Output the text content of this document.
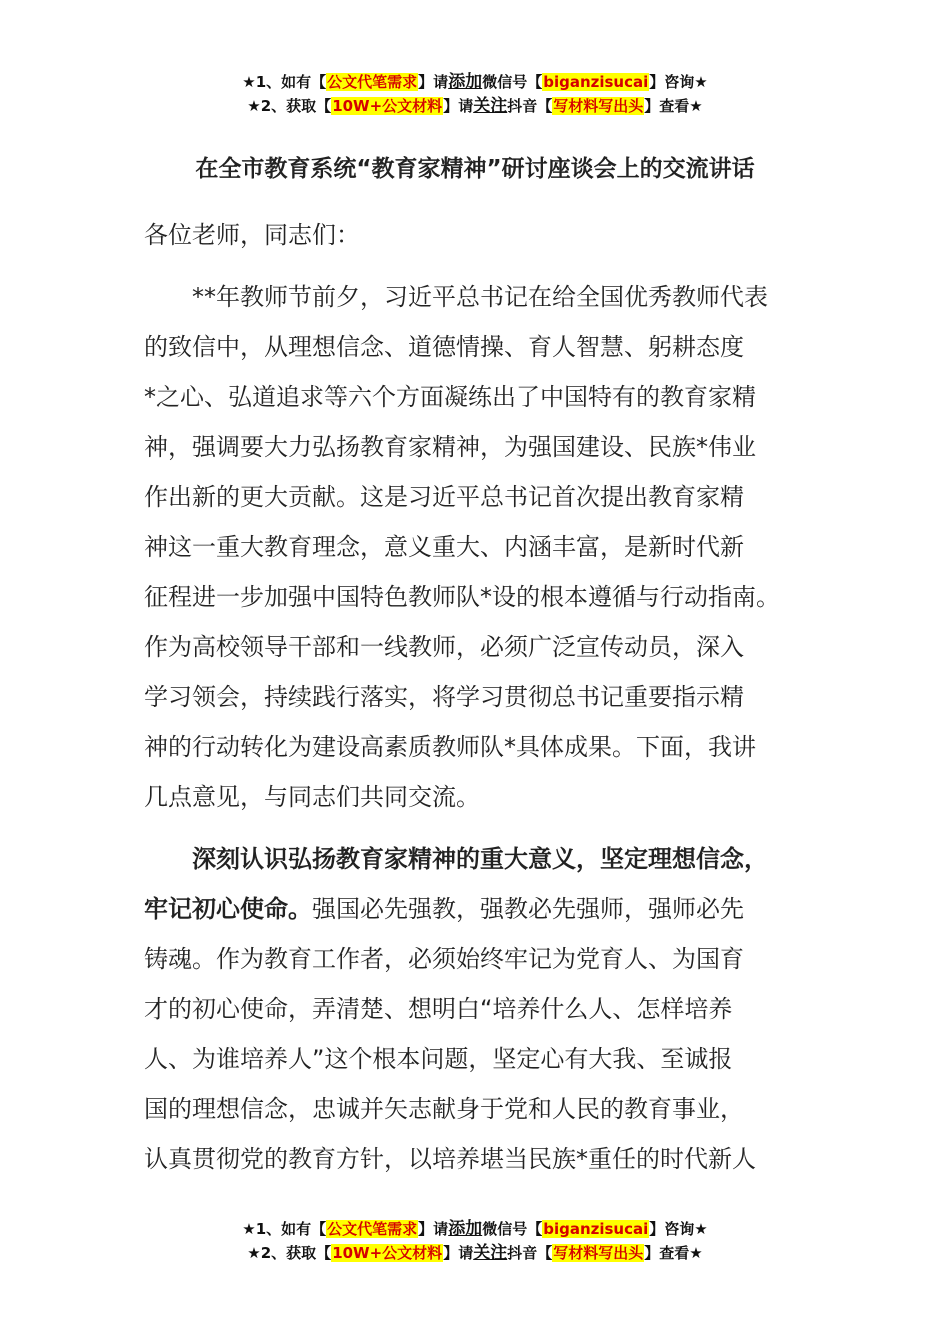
★1、如有【公文代笔需求】请添加微信号【biganzisucai】咨询★
★2、获取【10W+公文材料】请关注抖音【写材料写出头】查看★
在全市教育系统“教育家精神”研讨座谈会上的交流讲话

各位老师，同志们：

**年教师节前夕，习近平总书记在给全国优秀教师代表
的致信中，从理想信念、道德情操、育人智慧、躬耕态度
*之心、弘道追求等六个方面凝练出了中国特有的教育家精
神，强调要大力弘扬教育家精神，为强国建设、民族*伟业
作出新的更大贡献。这是习近平总书记首次提出教育家精
神这一重大教育理念，意义重大、内涵丰富，是新时代新
征程进一步加强中国特色教师队*设的根本遵循与行动指南。
作为高校领导干部和一线教师，必须广泛宣传动员，深入
学习领会，持续践行落实，将学习贯彻总书记重要指示精
神的行动转化为建设高素质教师队*具体成果。下面，我讲
几点意见，与同志们共同交流。

深刻认识弘扬教育家精神的重大意义，坚定理想信念，
牢记初心使命。强国必先强教，强教必先强师，强师必先
铸魂。作为教育工作者，必须始终牢记为党育人、为国育
才的初心使命，弄清楚、想明白“培养什么人、怎样培养
人、为谁培养人”这个根本问题，坚定心有大我、至诚报
国的理想信念，忠诚并矢志献身于党和人民的教育事业，
认真贯彻党的教育方针，以培养堪当民族*重任的时代新人

★1、如有【公文代笔需求】请添加微信号【biganzisucai】咨询★
★2、获取【10W+公文材料】请关注抖音【写材料写出头】查看★
